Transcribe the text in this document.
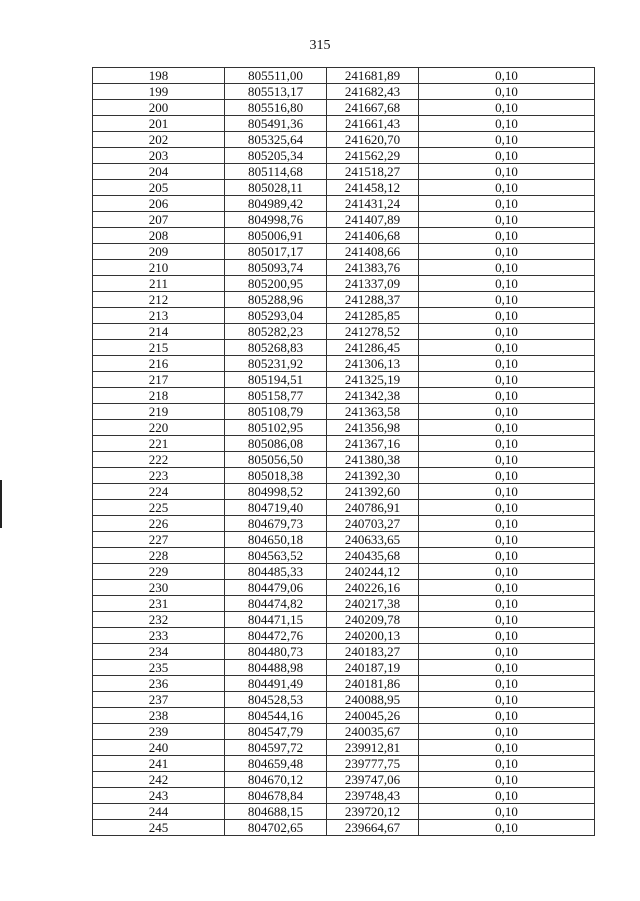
315
198	805511,00	241681,89	0,10
199	805513,17	241682,43	0,10
200	805516,80	241667,68	0,10
201	805491,36	241661,43	0,10
202	805325,64	241620,70	0,10
203	805205,34	241562,29	0,10
204	805114,68	241518,27	0,10
205	805028,11	241458,12	0,10
206	804989,42	241431,24	0,10
207	804998,76	241407,89	0,10
208	805006,91	241406,68	0,10
209	805017,17	241408,66	0,10
210	805093,74	241383,76	0,10
211	805200,95	241337,09	0,10
212	805288,96	241288,37	0,10
213	805293,04	241285,85	0,10
214	805282,23	241278,52	0,10
215	805268,83	241286,45	0,10
216	805231,92	241306,13	0,10
217	805194,51	241325,19	0,10
218	805158,77	241342,38	0,10
219	805108,79	241363,58	0,10
220	805102,95	241356,98	0,10
221	805086,08	241367,16	0,10
222	805056,50	241380,38	0,10
223	805018,38	241392,30	0,10
224	804998,52	241392,60	0,10
225	804719,40	240786,91	0,10
226	804679,73	240703,27	0,10
227	804650,18	240633,65	0,10
228	804563,52	240435,68	0,10
229	804485,33	240244,12	0,10
230	804479,06	240226,16	0,10
231	804474,82	240217,38	0,10
232	804471,15	240209,78	0,10
233	804472,76	240200,13	0,10
234	804480,73	240183,27	0,10
235	804488,98	240187,19	0,10
236	804491,49	240181,86	0,10
237	804528,53	240088,95	0,10
238	804544,16	240045,26	0,10
239	804547,79	240035,67	0,10
240	804597,72	239912,81	0,10
241	804659,48	239777,75	0,10
242	804670,12	239747,06	0,10
243	804678,84	239748,43	0,10
244	804688,15	239720,12	0,10
245	804702,65	239664,67	0,10
